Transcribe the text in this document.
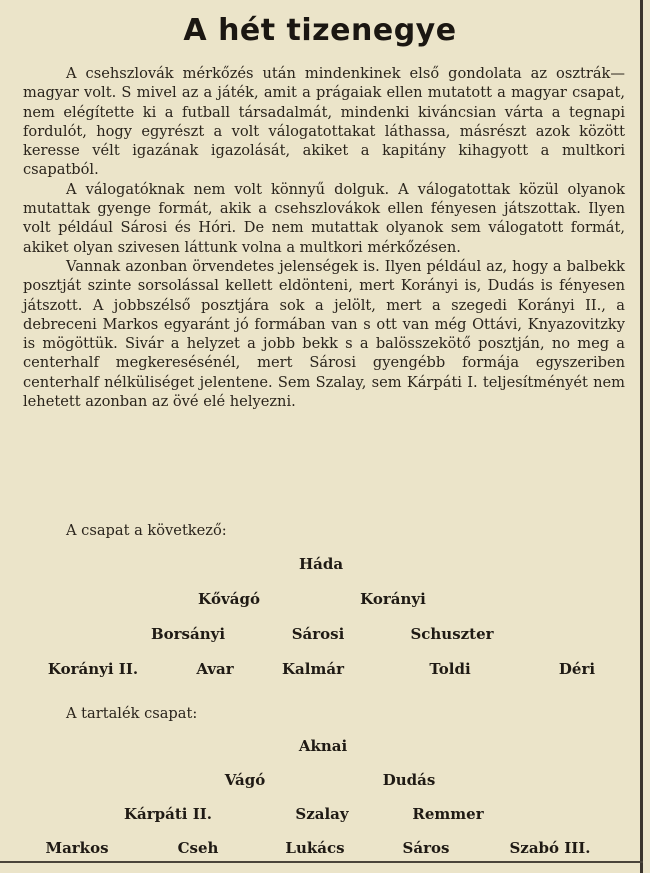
A hét tizenegye

A csehszlovák mérkőzés után mindenkinek első gondolata az osztrák—magyar volt. S mivel az a játék, amit a prágaiak ellen mutatott a magyar csapat, nem elégítette ki a futball társadalmát, mindenki kiváncsian várta a tegnapi fordulót, hogy egyrészt a volt válogatottakat láthassa, másrészt azok között keresse vélt igazának igazolását, akiket a kapitány kihagyott a multkori csapatból.

A válogatóknak nem volt könnyű dolguk. A válogatottak közül olyanok mutattak gyenge formát, akik a csehszlovákok ellen fényesen játszottak. Ilyen volt például Sárosi és Hóri. De nem mutattak olyanok sem válogatott formát, akiket olyan szivesen láttunk volna a multkori mérkőzésen.

Vannak azonban örvendetes jelenségek is. Ilyen például az, hogy a balbekk posztját szinte sorsolással kellett eldönteni, mert Korányi is, Dudás is fényesen játszott. A jobbszélső posztjára sok a jelölt, mert a szegedi Korányi II., a debreceni Markos egyaránt jó formában van s ott van még Ottávi, Knyazovitzky is mögöttük. Sivár a helyzet a jobb bekk s a balösszekötő posztján, no meg a centerhalf megkeresésénél, mert Sárosi gyengébb formája egyszeriben centerhalf nélküliséget jelentene. Sem Szalay, sem Kárpáti I. teljesítményét nem lehetett azonban az övé elé helyezni.

A csapat a következő:
Háda
Kővágó	Korányi
Borsányi	Sárosi	Schuszter
Korányi II.	Avar	Kalmár	Toldi	Déri
A tartalék csapat:
Aknai
Vágó	Dudás
Kárpáti II.	Szalay	Remmer
Markos	Cseh	Lukács	Sáros	Szabó III.
